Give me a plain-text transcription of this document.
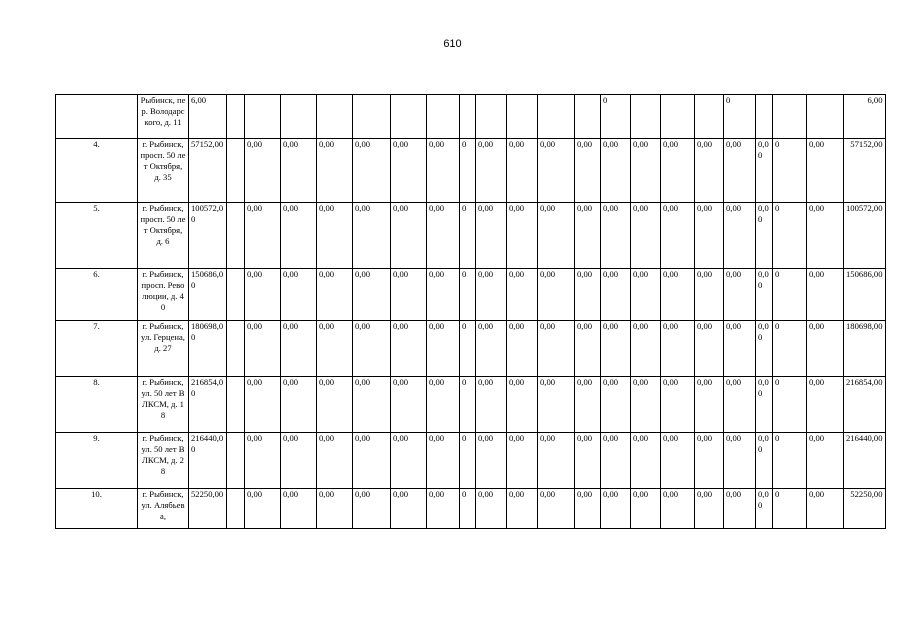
610
	Рыбинск, пер. Володарского, д. 11	6,00													0				0				6,00
4.	г. Рыбинск, просп. 50 лет Октября, д. 35	57152,00		0,00	0,00	0,00	0,00	0,00	0,00	0	0,00	0,00	0,00	0,00	0,00	0,00	0,00	0,00	0,00	0,00	0	0,00	57152,00
5.	г. Рыбинск, просп. 50 лет Октября, д. 6	100572,00		0,00	0,00	0,00	0,00	0,00	0,00	0	0,00	0,00	0,00	0,00	0,00	0,00	0,00	0,00	0,00	0,00	0	0,00	100572,00
6.	г. Рыбинск, просп. Революции, д. 40	150686,00		0,00	0,00	0,00	0,00	0,00	0,00	0	0,00	0,00	0,00	0,00	0,00	0,00	0,00	0,00	0,00	0,00	0	0,00	150686,00
7.	г. Рыбинск, ул. Герцена, д. 27	180698,00		0,00	0,00	0,00	0,00	0,00	0,00	0	0,00	0,00	0,00	0,00	0,00	0,00	0,00	0,00	0,00	0,00	0	0,00	180698,00
8.	г. Рыбинск, ул. 50 лет ВЛКСМ, д. 18	216854,00		0,00	0,00	0,00	0,00	0,00	0,00	0	0,00	0,00	0,00	0,00	0,00	0,00	0,00	0,00	0,00	0,00	0	0,00	216854,00
9.	г. Рыбинск, ул. 50 лет ВЛКСМ, д. 28	216440,00		0,00	0,00	0,00	0,00	0,00	0,00	0	0,00	0,00	0,00	0,00	0,00	0,00	0,00	0,00	0,00	0,00	0	0,00	216440,00
10.	г. Рыбинск, ул. Алябьева,	52250,00		0,00	0,00	0,00	0,00	0,00	0,00	0	0,00	0,00	0,00	0,00	0,00	0,00	0,00	0,00	0,00	0,00	0	0,00	52250,00
